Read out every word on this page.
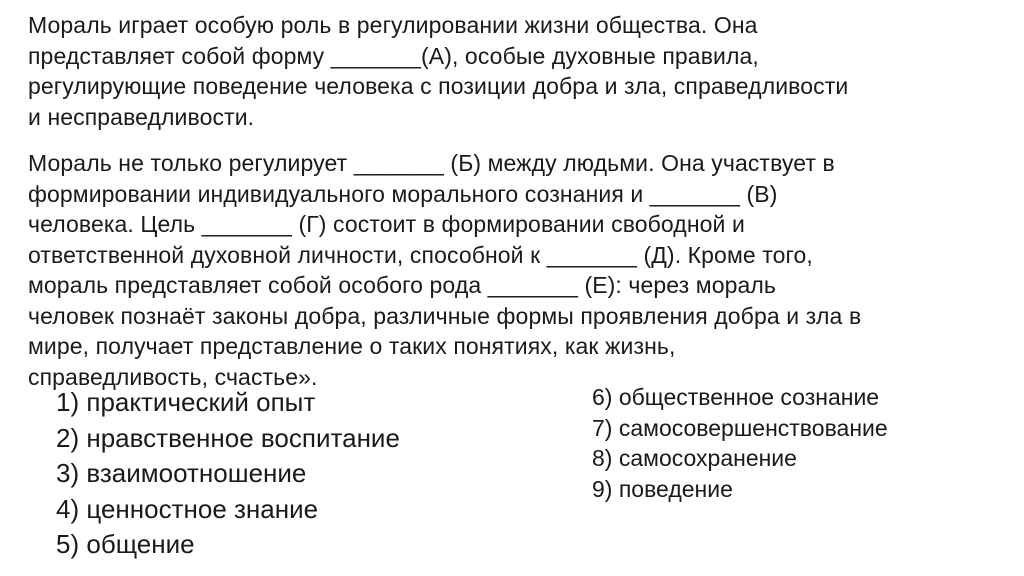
Мораль играет особую роль в регулировании жизни общества. Она
представляет собой форму _______(А), особые духовные правила,
регулирующие поведение человека с позиции добра и зла, справедливости
и несправедливости.
Мораль не только регулирует _______ (Б) между людьми. Она участвует в
формировании индивидуального морального сознания и _______ (В)
человека. Цель _______ (Г) состоит в формировании свободной и
ответственной духовной личности, способной к _______ (Д). Кроме того,
мораль представляет собой особого рода _______ (Е): через мораль
человек познаёт законы добра, различные формы проявления добра и зла в
мире, получает представление о таких понятиях, как жизнь,
справедливость, счастье».
1) практический опыт
2) нравственное воспитание
3) взаимоотношение
4) ценностное знание
5) общение
6) общественное сознание
7) самосовершенствование
8) самосохранение
9) поведение
